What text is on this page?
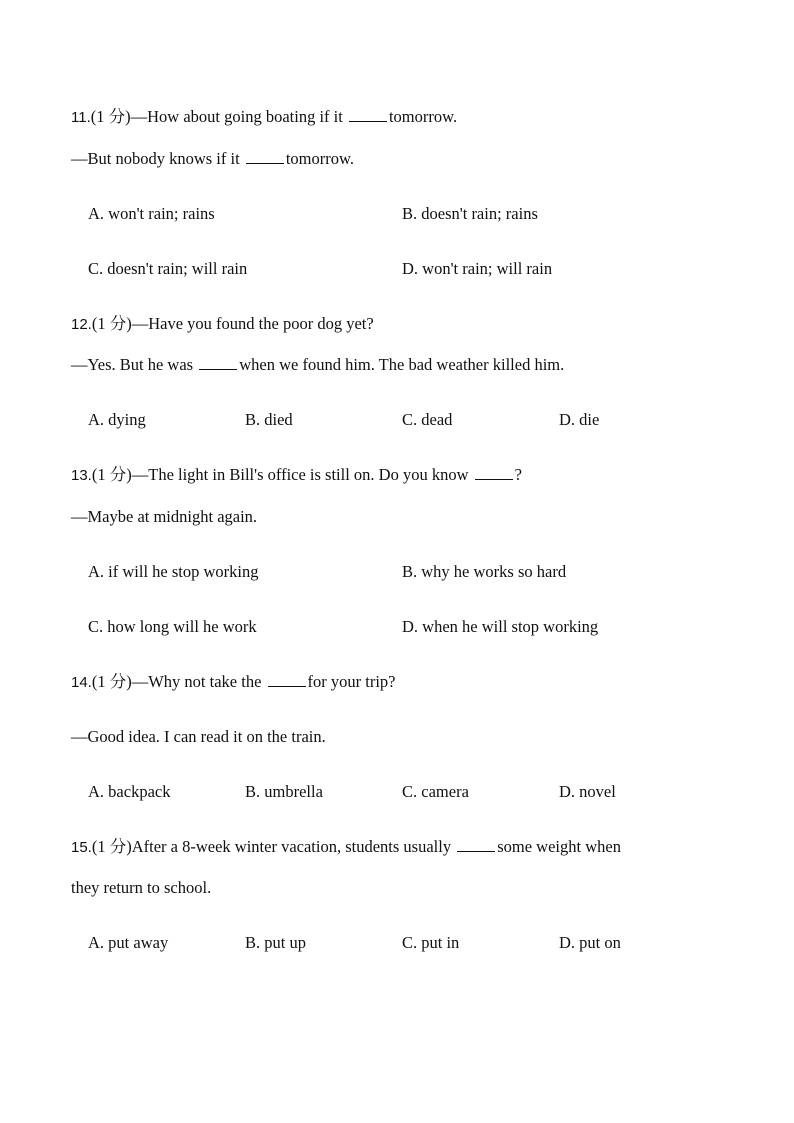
11.(1 分)—How about going boating if it	tomorrow.
—But nobody knows if it	tomorrow.
A. won't rain; rains	B. doesn't rain; rains
C. doesn't rain; will rain	D. won't rain; will rain
12.(1 分)—Have you found the poor dog yet?
—Yes. But he was	when we found him. The bad weather killed him.
A. dying	B. died	C. dead	D. die
13.(1 分)—The light in Bill's office is still on. Do you know	?
—Maybe at midnight again.
A. if will he stop working	B. why he works so hard
C. how long will he work	D. when he will stop working
14.(1 分)—Why not take the	for your trip?
—Good idea. I can read it on the train.
A. backpack	B. umbrella	C. camera	D. novel
15.(1 分)After a 8-week winter vacation, students usually	some weight when
they return to school.
A. put away	B. put up	C. put in	D. put on
